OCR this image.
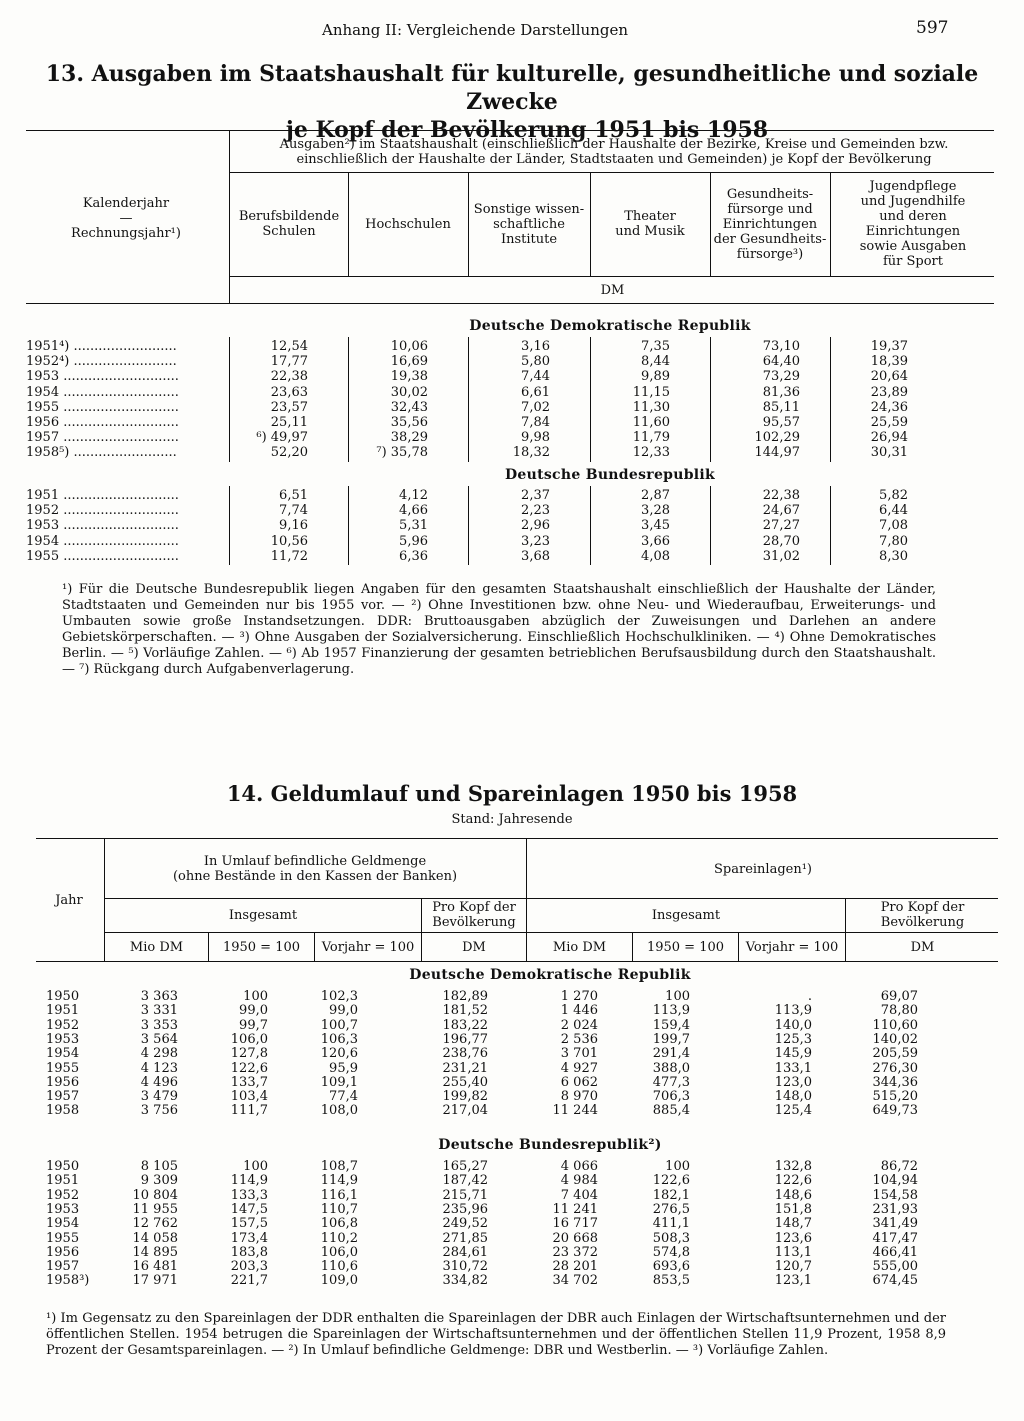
Anhang II: Vergleichende Darstellungen	597
13. Ausgaben im Staatshaushalt für kulturelle, gesundheitliche und soziale Zwecke
je Kopf der Bevölkerung 1951 bis 1958
Kalenderjahr
—
Rechnungsjahr¹)
Ausgaben²) im Staatshaushalt (einschließlich der Haushalte der Bezirke, Kreise und Gemeinden bzw. einschließlich der Haushalte der Länder, Stadtstaaten und Gemeinden) je Kopf der Bevölkerung
Berufsbildende
Schulen	Hochschulen
Sonstige wissen-
schaftliche
Institute
Theater
und Musik
Gesundheits-
fürsorge und
Einrichtungen
der Gesundheits-
fürsorge³)
Jugendpflege
und Jugendhilfe
und deren
Einrichtungen
sowie Ausgaben
für Sport
DM
Deutsche Demokratische Republik
1951⁴) .........................	12,54	10,06	3,16	7,35	73,10	19,37
1952⁴) .........................	17,77	16,69	5,80	8,44	64,40	18,39
1953 ............................	22,38	19,38	7,44	9,89	73,29	20,64
1954 ............................	23,63	30,02	6,61	11,15	81,36	23,89
1955 ............................	23,57	32,43	7,02	11,30	85,11	24,36
1956 ............................	25,11	35,56	7,84	11,60	95,57	25,59
1957 ............................	⁶) 49,97	38,29	9,98	11,79	102,29	26,94
1958⁵) .........................	52,20	⁷) 35,78	18,32	12,33	144,97	30,31
Deutsche Bundesrepublik
1951 ............................	6,51	4,12	2,37	2,87	22,38	5,82
1952 ............................	7,74	4,66	2,23	3,28	24,67	6,44
1953 ............................	9,16	5,31	2,96	3,45	27,27	7,08
1954 ............................	10,56	5,96	3,23	3,66	28,70	7,80
1955 ............................	11,72	6,36	3,68	4,08	31,02	8,30
¹) Für die Deutsche Bundesrepublik liegen Angaben für den gesamten Staatshaushalt einschließlich der Haushalte der Länder, Stadtstaaten und Gemeinden nur bis 1955 vor. — ²) Ohne Investitionen bzw. ohne Neu- und Wiederaufbau, Erweiterungs- und Umbauten sowie große Instandsetzungen. DDR: Bruttoausgaben abzüglich der Zuweisungen und Darlehen an andere Gebietskörperschaften. — ³) Ohne Ausgaben der Sozialversicherung. Einschließlich Hochschulkliniken. — ⁴) Ohne Demokratisches Berlin. — ⁵) Vorläufige Zahlen. — ⁶) Ab 1957 Finanzierung der gesamten betrieblichen Berufsausbildung durch den Staatshaushalt. — ⁷) Rückgang durch Aufgabenverlagerung.
14. Geldumlauf und Spareinlagen 1950 bis 1958
Stand: Jahresende
Jahr
In Umlauf befindliche Geldmenge
(ohne Bestände in den Kassen der Banken)	Spareinlagen¹)
Insgesamt	Pro Kopf der
Bevölkerung	Insgesamt	Pro Kopf der
Bevölkerung
Mio DM	1950 = 100	Vorjahr = 100	DM	Mio DM	1950 = 100	Vorjahr = 100	DM
Deutsche Demokratische Republik
1950	3 363	100	102,3	182,89	1 270	100	.	69,07
1951	3 331	99,0	99,0	181,52	1 446	113,9	113,9	78,80
1952	3 353	99,7	100,7	183,22	2 024	159,4	140,0	110,60
1953	3 564	106,0	106,3	196,77	2 536	199,7	125,3	140,02
1954	4 298	127,8	120,6	238,76	3 701	291,4	145,9	205,59
1955	4 123	122,6	95,9	231,21	4 927	388,0	133,1	276,30
1956	4 496	133,7	109,1	255,40	6 062	477,3	123,0	344,36
1957	3 479	103,4	77,4	199,82	8 970	706,3	148,0	515,20
1958	3 756	111,7	108,0	217,04	11 244	885,4	125,4	649,73
Deutsche Bundesrepublik²)
1950	8 105	100	108,7	165,27	4 066	100	132,8	86,72
1951	9 309	114,9	114,9	187,42	4 984	122,6	122,6	104,94
1952	10 804	133,3	116,1	215,71	7 404	182,1	148,6	154,58
1953	11 955	147,5	110,7	235,96	11 241	276,5	151,8	231,93
1954	12 762	157,5	106,8	249,52	16 717	411,1	148,7	341,49
1955	14 058	173,4	110,2	271,85	20 668	508,3	123,6	417,47
1956	14 895	183,8	106,0	284,61	23 372	574,8	113,1	466,41
1957	16 481	203,3	110,6	310,72	28 201	693,6	120,7	555,00
1958³)	17 971	221,7	109,0	334,82	34 702	853,5	123,1	674,45
¹) Im Gegensatz zu den Spareinlagen der DDR enthalten die Spareinlagen der DBR auch Einlagen der Wirtschaftsunternehmen und der öffentlichen Stellen. 1954 betrugen die Spareinlagen der Wirtschaftsunternehmen und der öffentlichen Stellen 11,9 Prozent, 1958 8,9 Prozent der Gesamtspareinlagen. — ²) In Umlauf befindliche Geldmenge: DBR und Westberlin. — ³) Vorläufige Zahlen.
